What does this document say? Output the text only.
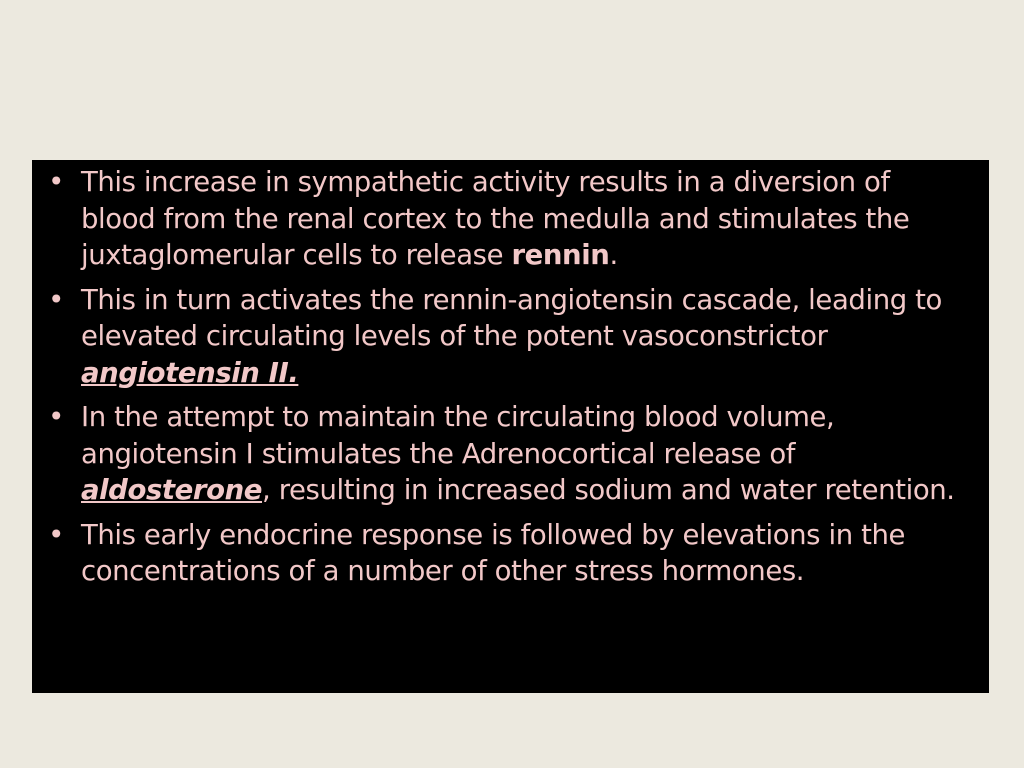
• This increase in sympathetic activity results in a diversion of blood from the renal cortex to the medulla and stimulates the juxtaglomerular cells to release rennin.
• This in turn activates the rennin-angiotensin cascade, leading to elevated circulating levels of the potent vasoconstrictor angiotensin II.
• In the attempt to maintain the circulating blood volume, angiotensin I stimulates the Adrenocortical release of aldosterone, resulting in increased sodium and water retention.
• This early endocrine response is followed by elevations in the concentrations of a number of other stress hormones.
